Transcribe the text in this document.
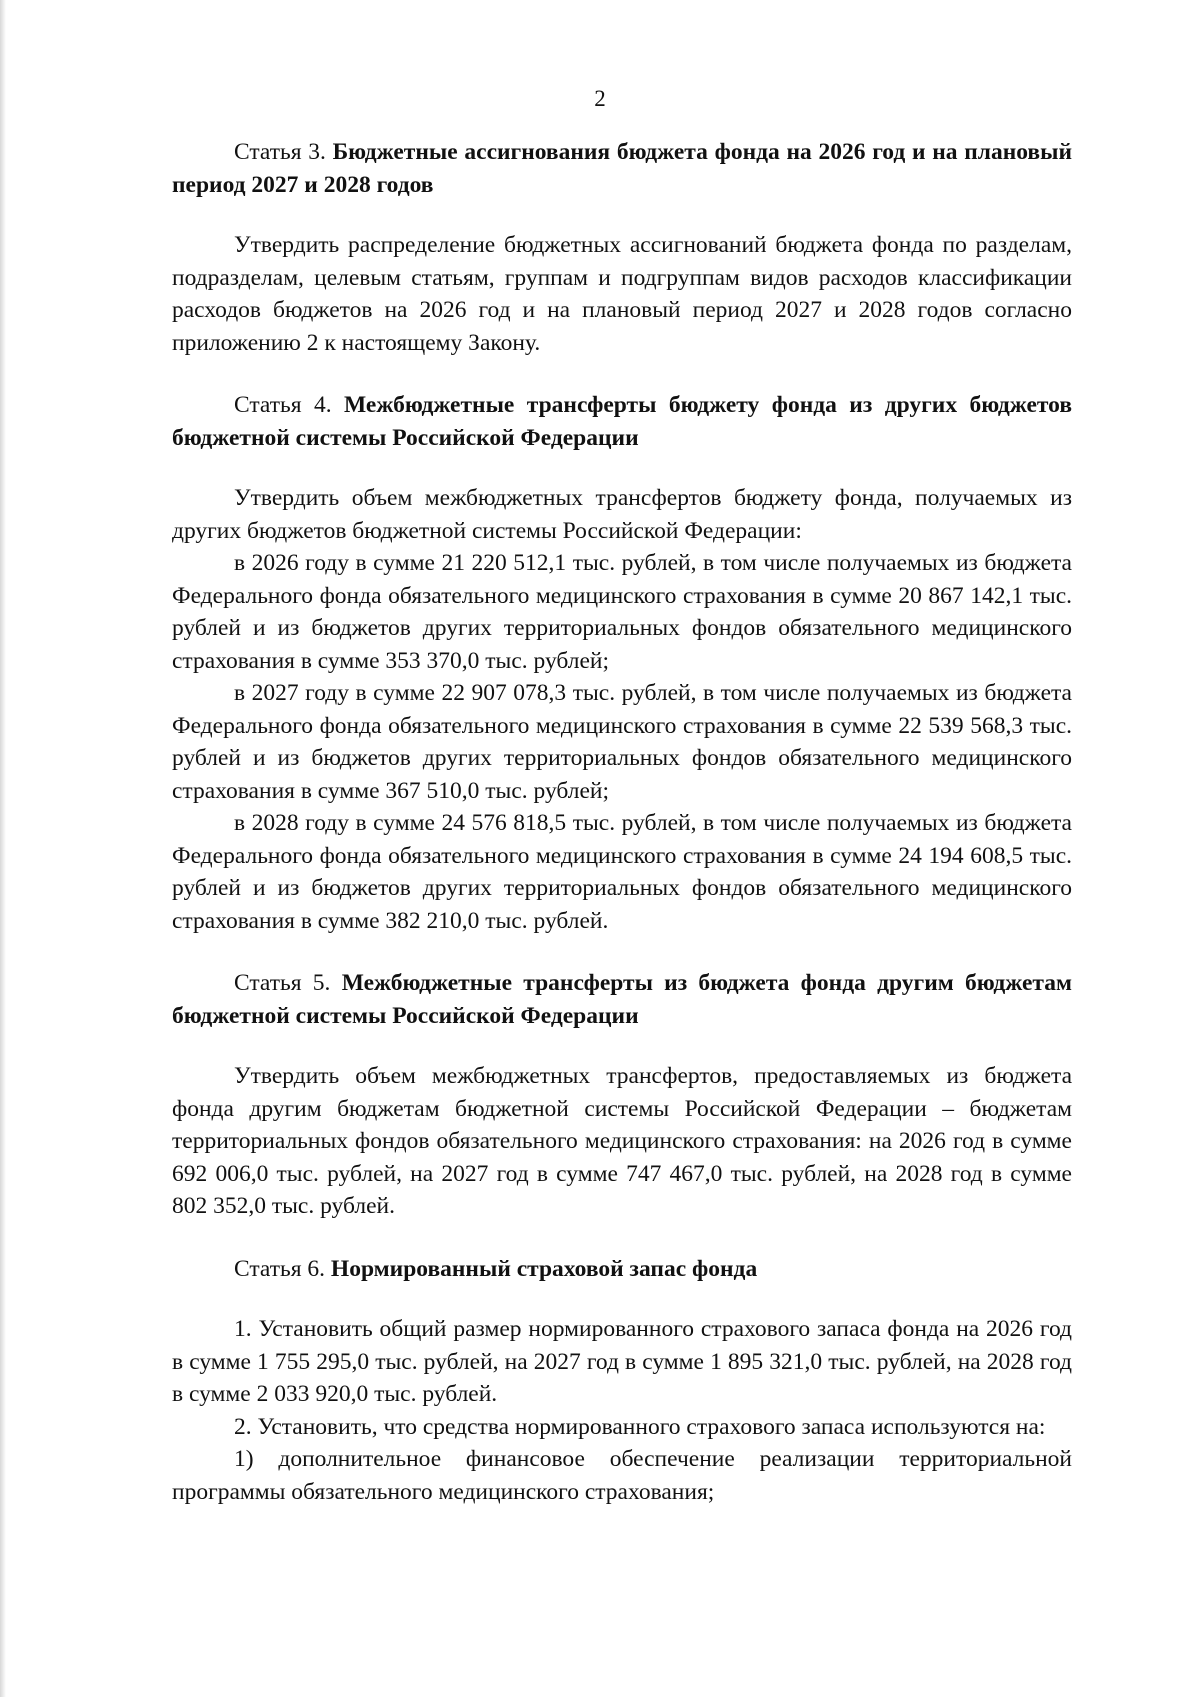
2

Статья 3. Бюджетные ассигнования бюджета фонда на 2026 год и на плановый период 2027 и 2028 годов

Утвердить распределение бюджетных ассигнований бюджета фонда по разделам, подразделам, целевым статьям, группам и подгруппам видов расходов классификации расходов бюджетов на 2026 год и на плановый период 2027 и 2028 годов согласно приложению 2 к настоящему Закону.

Статья 4. Межбюджетные трансферты бюджету фонда из других бюджетов бюджетной системы Российской Федерации

Утвердить объем межбюджетных трансфертов бюджету фонда, получаемых из других бюджетов бюджетной системы Российской Федерации:

в 2026 году в сумме 21 220 512,1 тыс. рублей, в том числе получаемых из бюджета Федерального фонда обязательного медицинского страхования в сумме 20 867 142,1 тыс. рублей и из бюджетов других территориальных фондов обязательного медицинского страхования в сумме 353 370,0 тыс. рублей;

в 2027 году в сумме 22 907 078,3 тыс. рублей, в том числе получаемых из бюджета Федерального фонда обязательного медицинского страхования в сумме 22 539 568,3 тыс. рублей и из бюджетов других территориальных фондов обязательного медицинского страхования в сумме 367 510,0 тыс. рублей;

в 2028 году в сумме 24 576 818,5 тыс. рублей, в том числе получаемых из бюджета Федерального фонда обязательного медицинского страхования в сумме 24 194 608,5 тыс. рублей и из бюджетов других территориальных фондов обязательного медицинского страхования в сумме 382 210,0 тыс. рублей.

Статья 5. Межбюджетные трансферты из бюджета фонда другим бюджетам бюджетной системы Российской Федерации

Утвердить объем межбюджетных трансфертов, предоставляемых из бюджета фонда другим бюджетам бюджетной системы Российской Федерации – бюджетам территориальных фондов обязательного медицинского страхования: на 2026 год в сумме 692 006,0 тыс. рублей, на 2027 год в сумме 747 467,0 тыс. рублей, на 2028 год в сумме 802 352,0 тыс. рублей.

Статья 6. Нормированный страховой запас фонда

1. Установить общий размер нормированного страхового запаса фонда на 2026 год в сумме 1 755 295,0 тыс. рублей, на 2027 год в сумме 1 895 321,0 тыс. рублей, на 2028 год в сумме 2 033 920,0 тыс. рублей.

2. Установить, что средства нормированного страхового запаса используются на:

1) дополнительное финансовое обеспечение реализации территориальной программы обязательного медицинского страхования;
